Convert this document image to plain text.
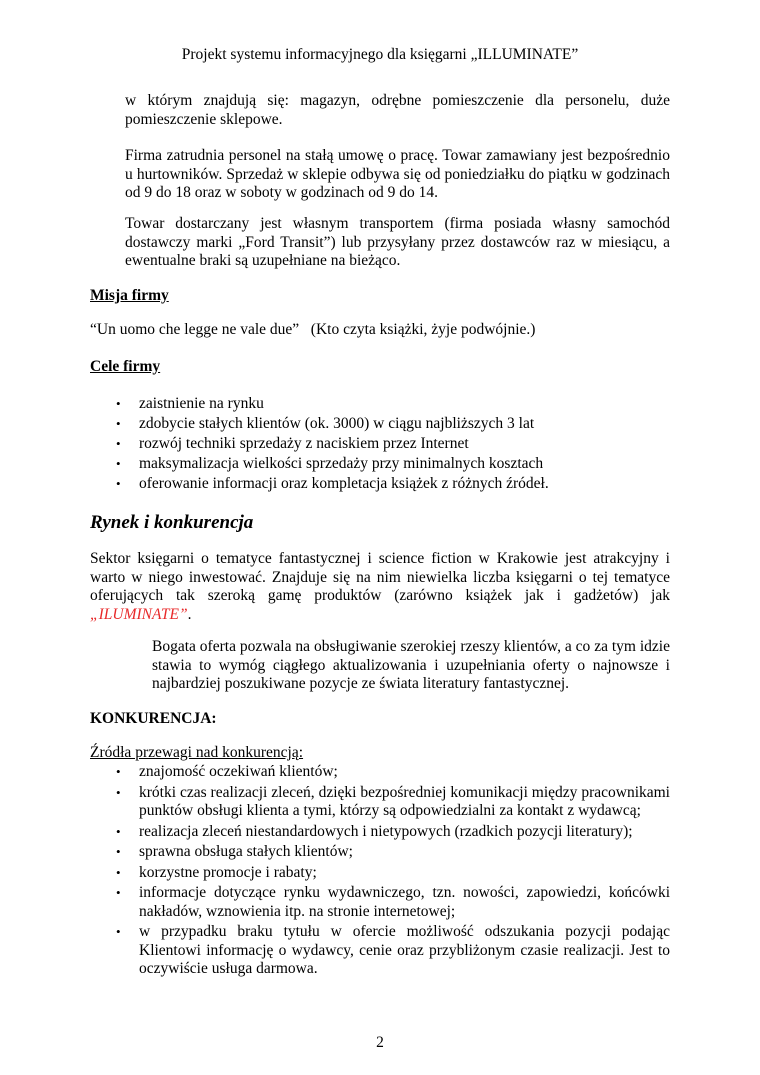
Projekt systemu informacyjnego dla księgarni „ILLUMINATE”

w którym znajdują się: magazyn, odrębne pomieszczenie dla personelu, duże pomieszczenie sklepowe.

Firma zatrudnia personel na stałą umowę o pracę. Towar zamawiany jest bezpośrednio u hurtowników. Sprzedaż w sklepie odbywa się od poniedziałku do piątku w godzinach od 9 do 18 oraz w soboty w godzinach od 9 do 14.

Towar dostarczany jest własnym transportem (firma posiada własny samochód dostawczy marki „Ford Transit”) lub przysyłany przez dostawców raz w miesiącu, a ewentualne braki są uzupełniane na bieżąco.

Misja firmy
“Un uomo che legge ne vale due”   (Kto czyta książki, żyje podwójnie.)
Cele firmy
• zaistnienie na rynku
• zdobycie stałych klientów (ok. 3000) w ciągu najbliższych 3 lat
• rozwój techniki sprzedaży z naciskiem przez Internet
• maksymalizacja wielkości sprzedaży przy minimalnych kosztach
• oferowanie informacji oraz kompletacja książek z różnych źródeł.
Rynek i konkurencja

Sektor księgarni o tematyce fantastycznej i science fiction w Krakowie jest atrakcyjny i warto w niego inwestować. Znajduje się na nim niewielka liczba księgarni o tej tematyce oferujących tak szeroką gamę produktów (zarówno książek jak i gadżetów) jak „ILUMINATE”.

Bogata oferta pozwala na obsługiwanie szerokiej rzeszy klientów, a co za tym idzie stawia to wymóg ciągłego aktualizowania i uzupełniania oferty o najnowsze i najbardziej poszukiwane pozycje ze świata literatury fantastycznej.

KONKURENCJA:
Źródła przewagi nad konkurencją:
• znajomość oczekiwań klientów;
• krótki czas realizacji zleceń, dzięki bezpośredniej komunikacji między pracownikami punktów obsługi klienta a tymi, którzy są odpowiedzialni za kontakt z wydawcą;
• realizacja zleceń niestandardowych i nietypowych (rzadkich pozycji literatury);
• sprawna obsługa stałych klientów;
• korzystne promocje i rabaty;
• informacje dotyczące rynku wydawniczego, tzn. nowości, zapowiedzi, końcówki nakładów, wznowienia itp. na stronie internetowej;
• w przypadku braku tytułu w ofercie możliwość odszukania pozycji podając Klientowi informację o wydawcy, cenie oraz przybliżonym czasie realizacji. Jest to oczywiście usługa darmowa.
2
